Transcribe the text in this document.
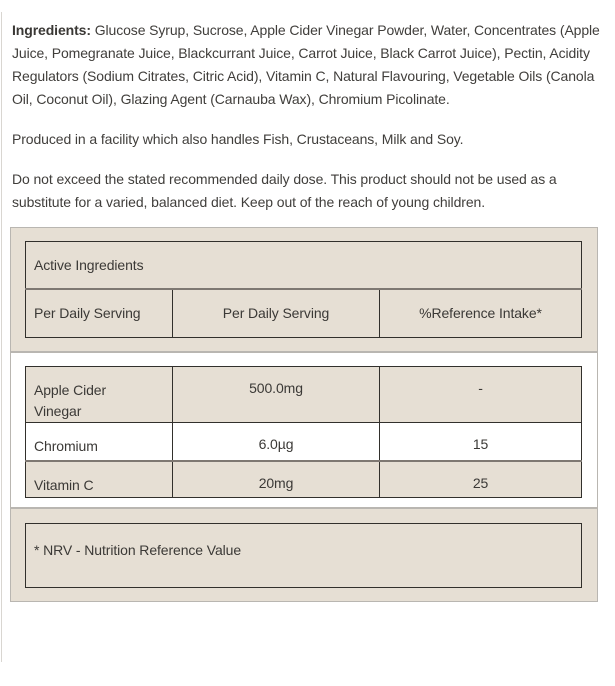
Ingredients: Glucose Syrup, Sucrose, Apple Cider Vinegar Powder, Water, Concentrates (Apple Juice, Pomegranate Juice, Blackcurrant Juice, Carrot Juice, Black Carrot Juice), Pectin, Acidity Regulators (Sodium Citrates, Citric Acid), Vitamin C, Natural Flavouring, Vegetable Oils (Canola Oil, Coconut Oil), Glazing Agent (Carnauba Wax), Chromium Picolinate.

Produced in a facility which also handles Fish, Crustaceans, Milk and Soy.

Do not exceed the stated recommended daily dose. This product should not be used as a substitute for a varied, balanced diet. Keep out of the reach of young children.

Active Ingredients
Per Daily Serving	Per Daily Serving	%Reference Intake*
Apple Cider Vinegar	500.0mg	-
Chromium	6.0µg	15
Vitamin C	20mg	25
* NRV - Nutrition Reference Value
